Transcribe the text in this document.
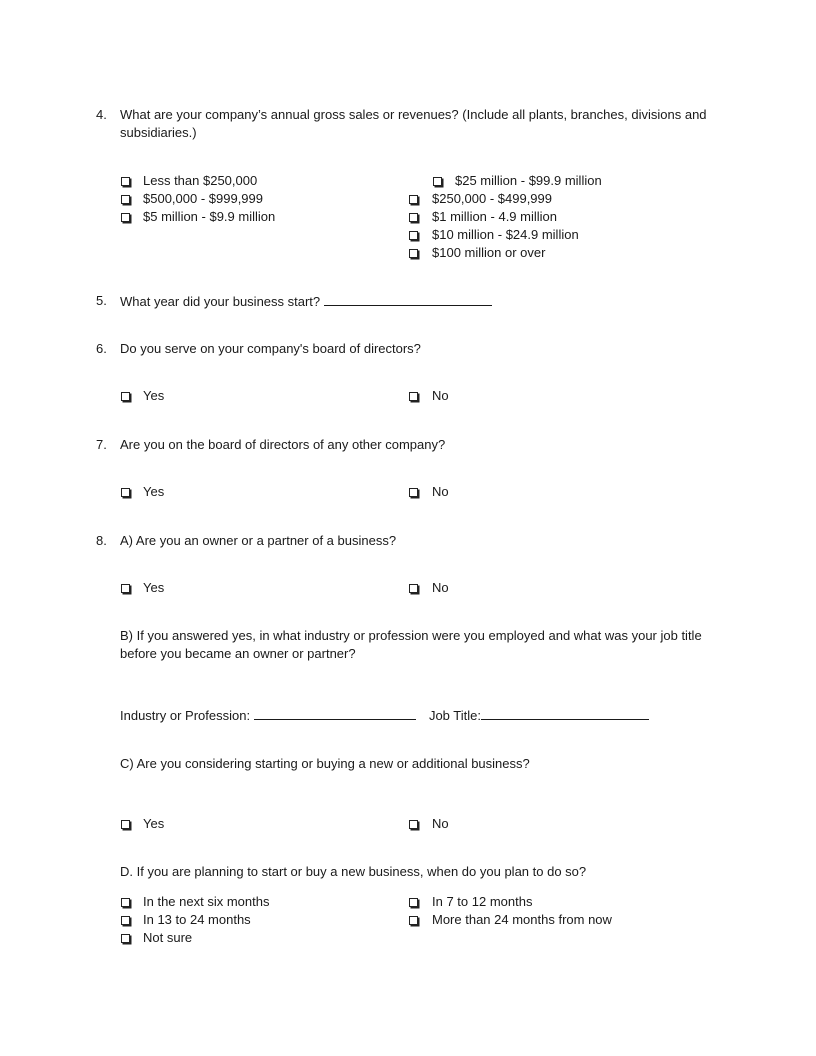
4. What are your company’s annual gross sales or revenues? (Include all plants, branches, divisions and subsidiaries.)
Less than $250,000
$500,000 - $999,999
$5 million - $9.9 million
$25 million - $99.9 million
$250,000 - $499,999
$1 million - 4.9 million
$10 million - $24.9 million
$100 million or over
5. What year did your business start?
6. Do you serve on your company's board of directors?
Yes	No
7. Are you on the board of directors of any other company?
Yes	No
8. A) Are you an owner or a partner of a business?
Yes	No
B) If you answered yes, in what industry or profession were you employed and what was your job title before you became an owner or partner?
Industry or Profession:	Job Title:
C) Are you considering starting or buying a new or additional business?
Yes	No
D. If you are planning to start or buy a new business, when do you plan to do so?
In the next six months
In 13 to 24 months
Not sure
In 7 to 12 months
More than 24 months from now
